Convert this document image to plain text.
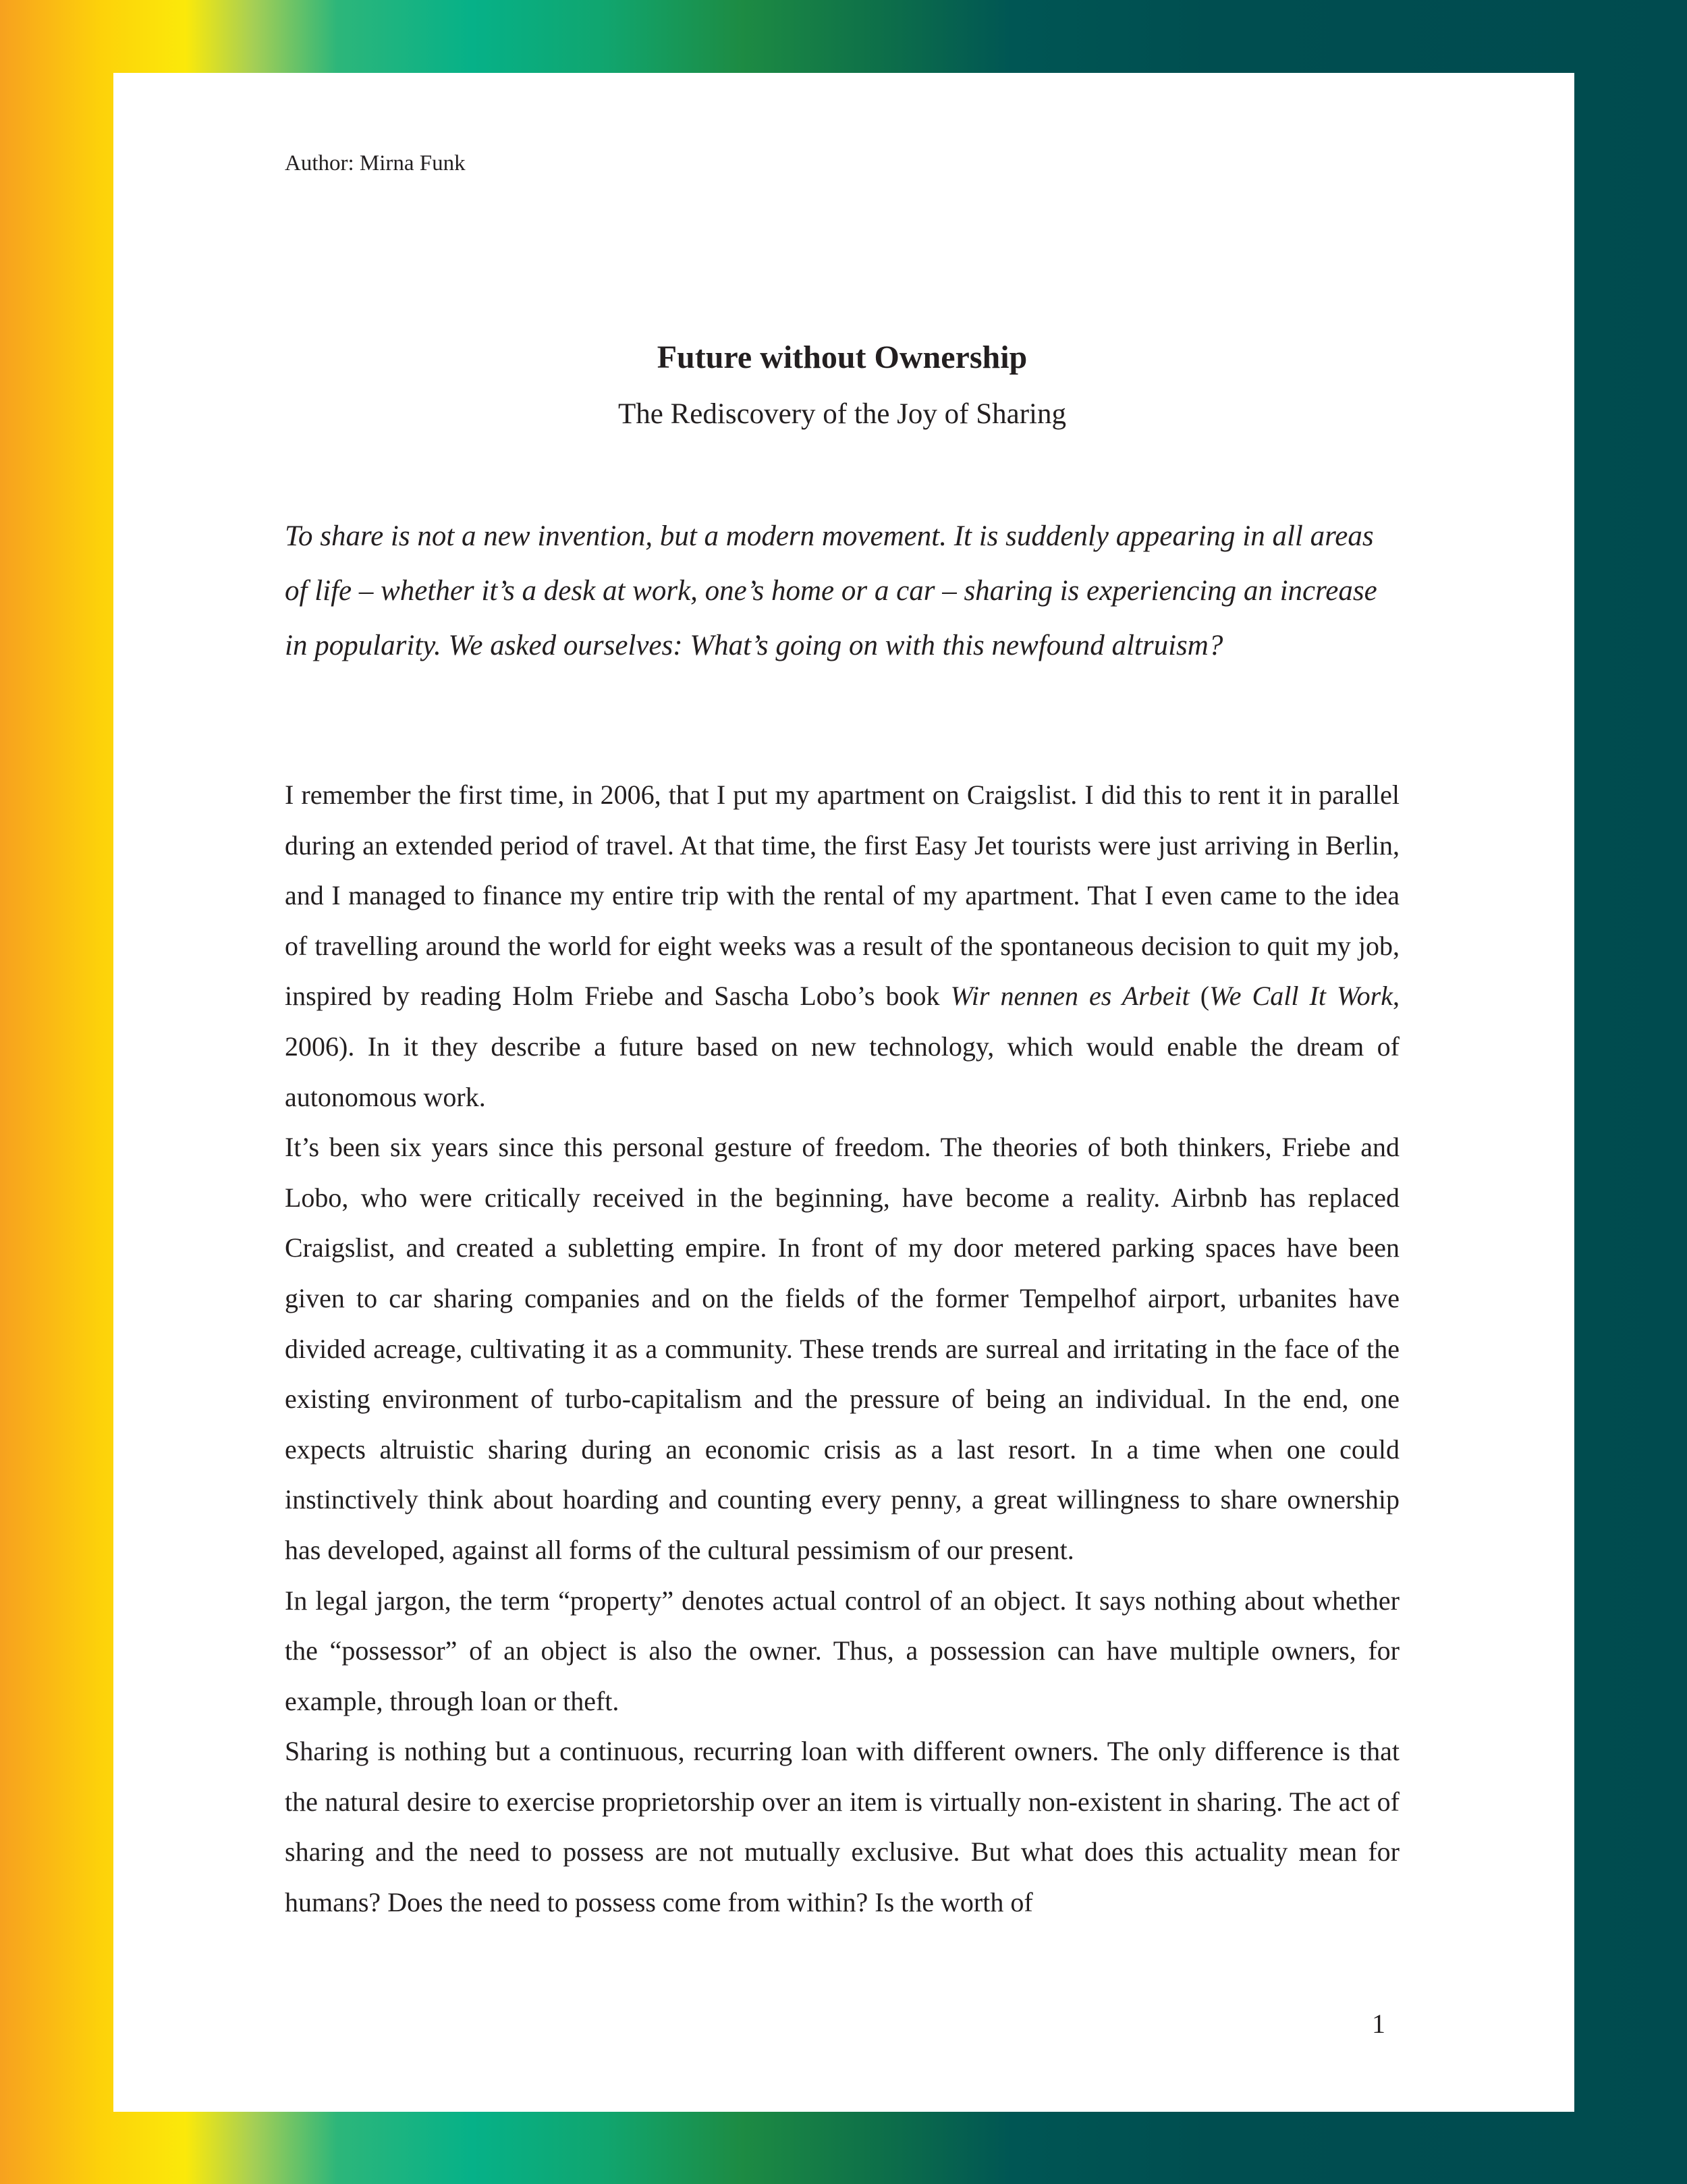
Author: Mirna Funk
Future without Ownership
The Rediscovery of the Joy of Sharing
To share is not a new invention, but a modern movement. It is suddenly appearing in all areas of life – whether it’s a desk at work, one’s home or a car – sharing is experiencing an increase in popularity. We asked ourselves: What’s going on with this newfound altruism?

I remember the first time, in 2006, that I put my apartment on Craigslist. I did this to rent it in parallel during an extended period of travel. At that time, the first Easy Jet tourists were just arriving in Berlin, and I managed to finance my entire trip with the rental of my apartment. That I even came to the idea of travelling around the world for eight weeks was a result of the spontaneous decision to quit my job, inspired by reading Holm Friebe and Sascha Lobo’s book Wir nennen es Arbeit (We Call It Work, 2006). In it they describe a future based on new technology, which would enable the dream of autonomous work.

It’s been six years since this personal gesture of freedom. The theories of both thinkers, Friebe and Lobo, who were critically received in the beginning, have become a reality. Airbnb has replaced Craigslist, and created a subletting empire. In front of my door metered parking spaces have been given to car sharing companies and on the fields of the former Tempelhof airport, urbanites have divided acreage, cultivating it as a community. These trends are surreal and irritating in the face of the existing environment of turbo-capitalism and the pressure of being an individual. In the end, one expects altruistic sharing during an economic crisis as a last resort. In a time when one could instinctively think about hoarding and counting every penny, a great willingness to share ownership has developed, against all forms of the cultural pessimism of our present.

In legal jargon, the term “property” denotes actual control of an object. It says nothing about whether the “possessor” of an object is also the owner. Thus, a possession can have multiple owners, for example, through loan or theft.

Sharing is nothing but a continuous, recurring loan with different owners. The only difference is that the natural desire to exercise proprietorship over an item is virtually non-existent in sharing. The act of sharing and the need to possess are not mutually exclusive. But what does this actuality mean for humans? Does the need to possess come from within? Is the worth of

1
